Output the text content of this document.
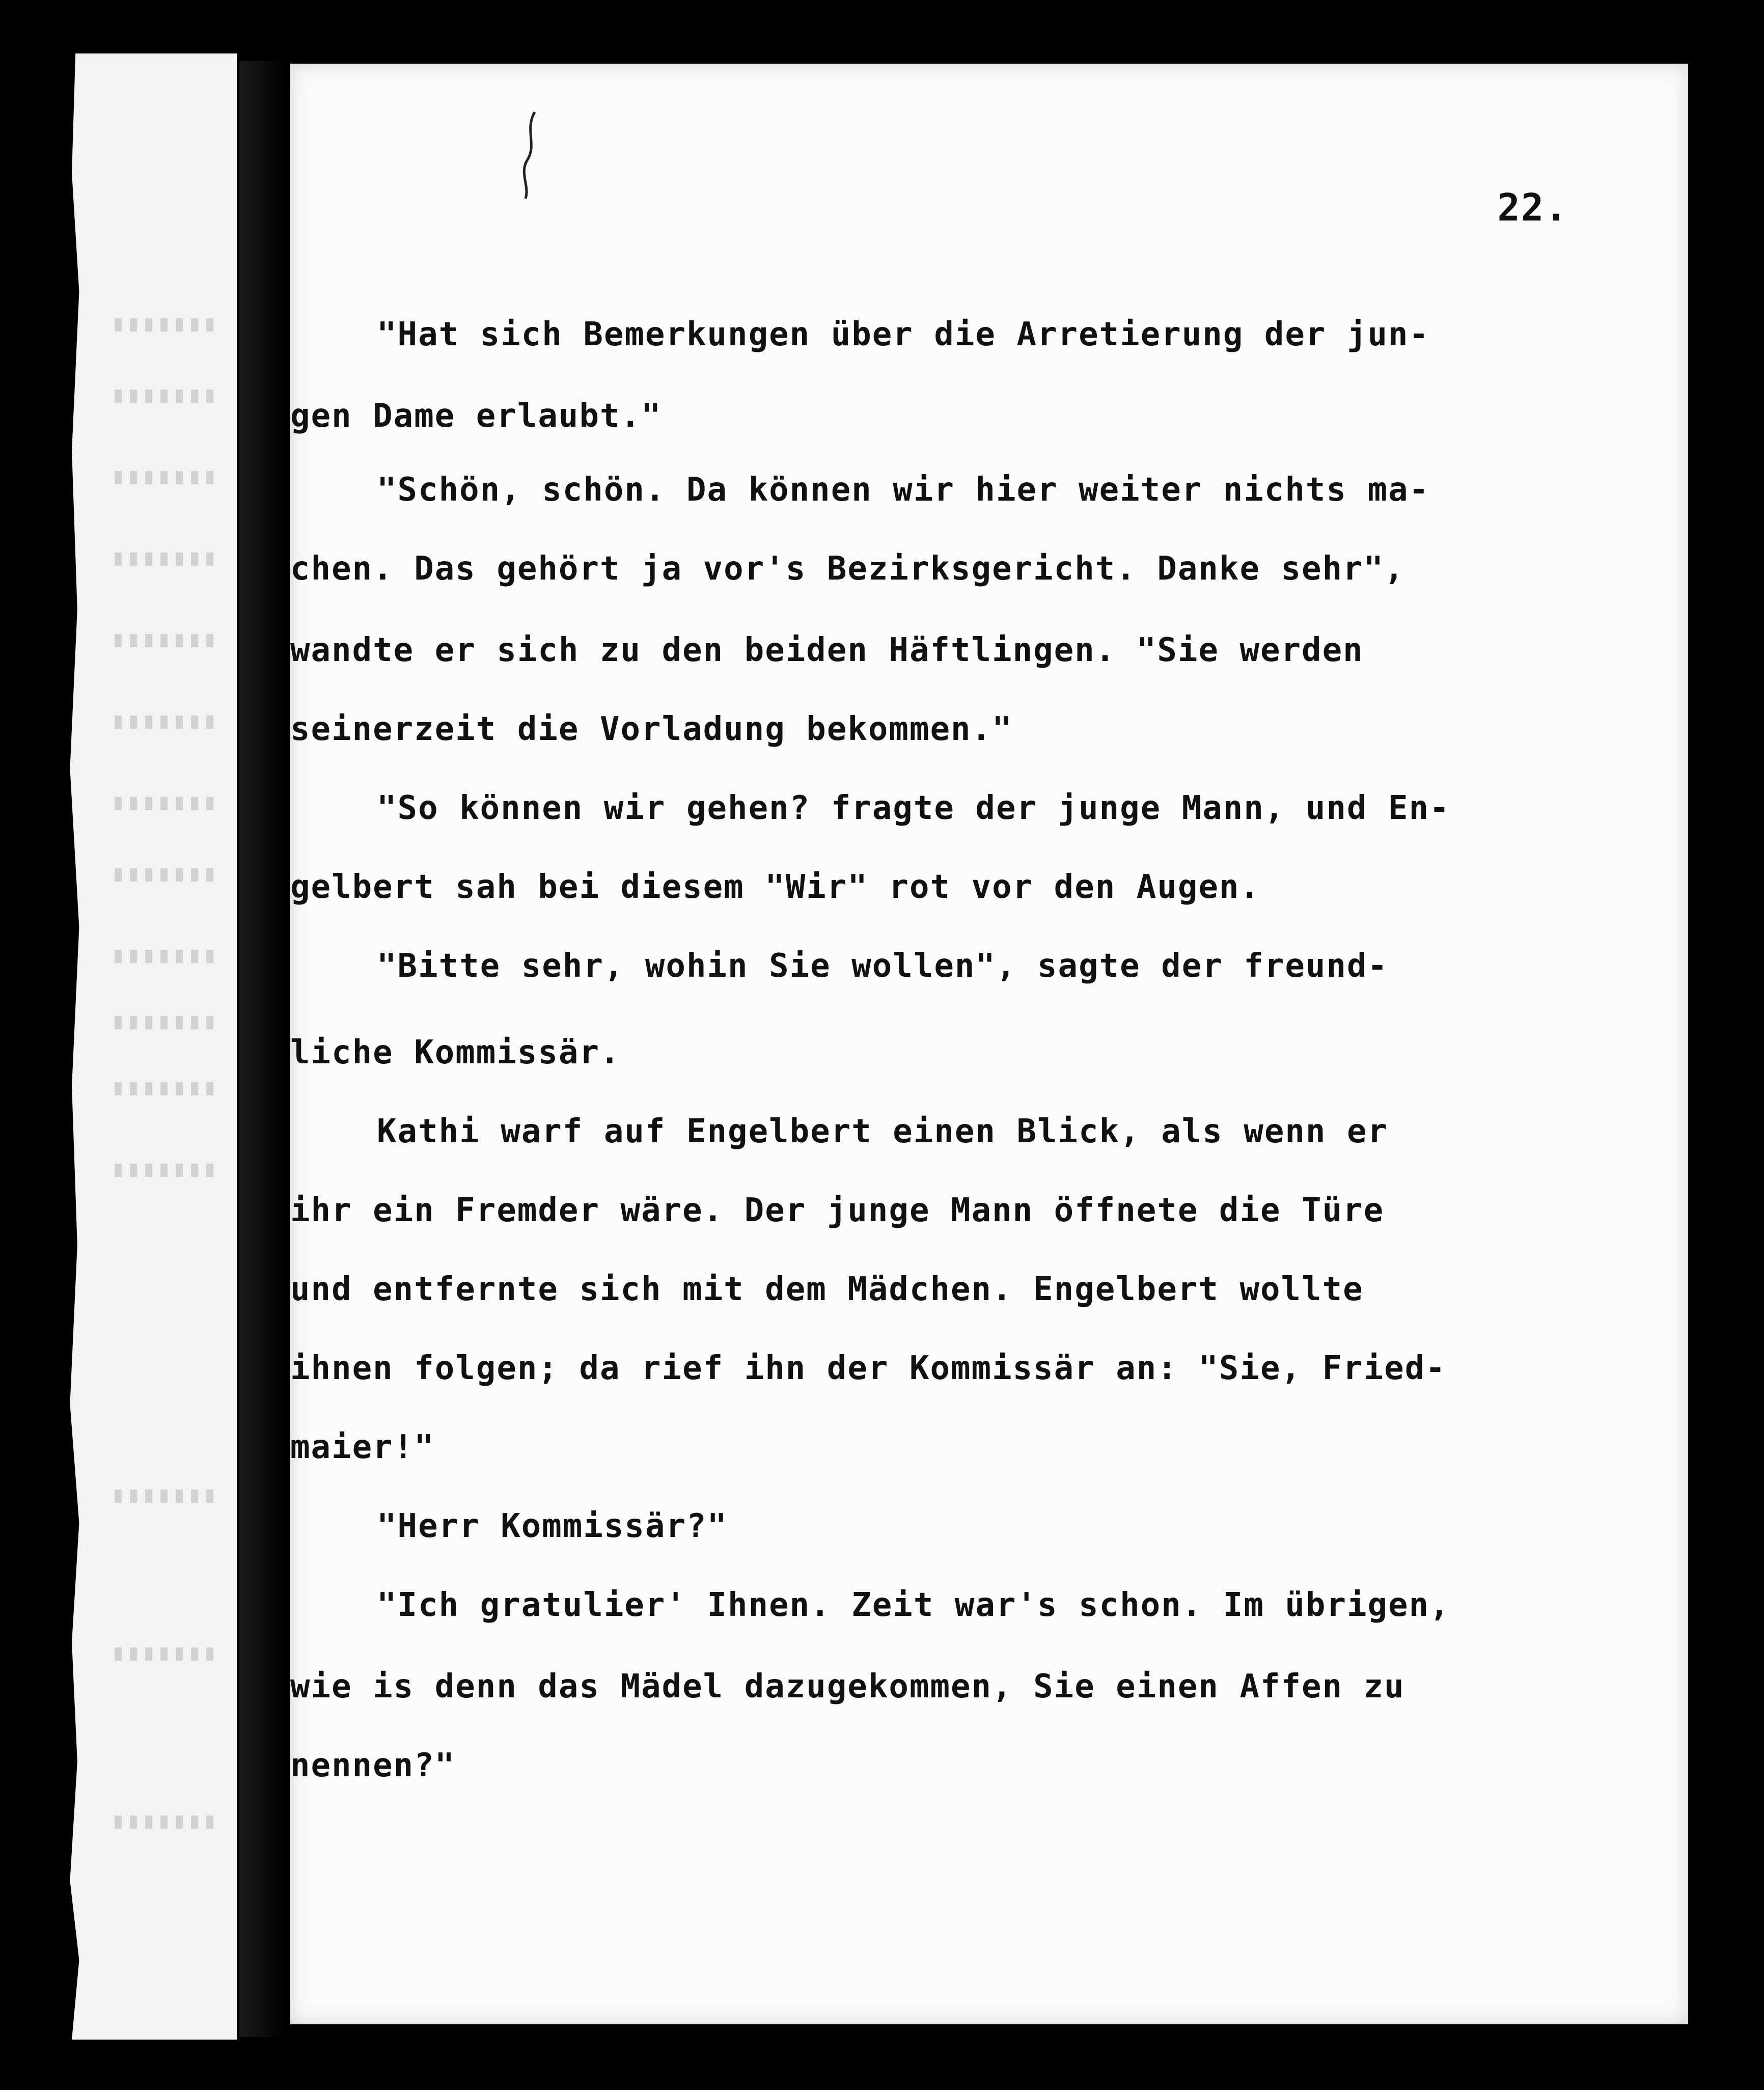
22.
"Hat sich Bemerkungen über die Arretierung der jun-
gen Dame erlaubt."
"Schön, schön. Da können wir hier weiter nichts ma-
chen. Das gehört ja vor's Bezirksgericht. Danke sehr",
wandte er sich zu den beiden Häftlingen. "Sie werden
seinerzeit die Vorladung bekommen."
"So können wir gehen? fragte der junge Mann, und En-
gelbert sah bei diesem "Wir" rot vor den Augen.
"Bitte sehr, wohin Sie wollen", sagte der freund-
liche Kommissär.
Kathi warf auf Engelbert einen Blick, als wenn er
ihr ein Fremder wäre. Der junge Mann öffnete die Türe
und entfernte sich mit dem Mädchen. Engelbert wollte
ihnen folgen; da rief ihn der Kommissär an: "Sie, Fried-
maier!"
"Herr Kommissär?"
"Ich gratulier' Ihnen. Zeit war's schon. Im übrigen,
wie is denn das Mädel dazugekommen, Sie einen Affen zu
nennen?"
